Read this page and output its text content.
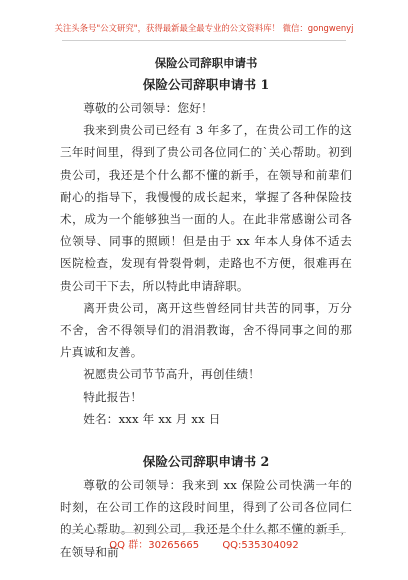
关注头条号"公文研究"，获得最新最全最专业的公文资料库！ 微信：gongwenyj
保险公司辞职申请书
保险公司辞职申请书 1

尊敬的公司领导：您好！

我来到贵公司已经有 3 年多了，在贵公司工作的这三年时间里，得到了贵公司各位同仁的`关心帮助。初到贵公司，我还是个什么都不懂的新手，在领导和前辈们耐心的指导下，我慢慢的成长起来，掌握了各种保险技术，成为一个能够独当一面的人。在此非常感谢公司各位领导、同事的照顾！但是由于 xx 年本人身体不适去医院检查，发现有骨裂骨刺，走路也不方便，很难再在贵公司干下去，所以特此申请辞职。

离开贵公司，离开这些曾经同甘共苦的同事，万分不舍，舍不得领导们的涓涓教诲，舍不得同事之间的那片真诚和友善。

祝愿贵公司节节高升，再创佳绩！

特此报告！

姓名：xxx 年 xx 月 xx 日

保险公司辞职申请书 2

尊敬的公司领导：我来到 xx 保险公司快满一年的时刻，在公司工作的这段时间里，得到了公司各位同仁的关心帮助。初到公司，我还是个什么都不懂的新手，在领导和前

QQ 群：30265665 QQ:535304092
